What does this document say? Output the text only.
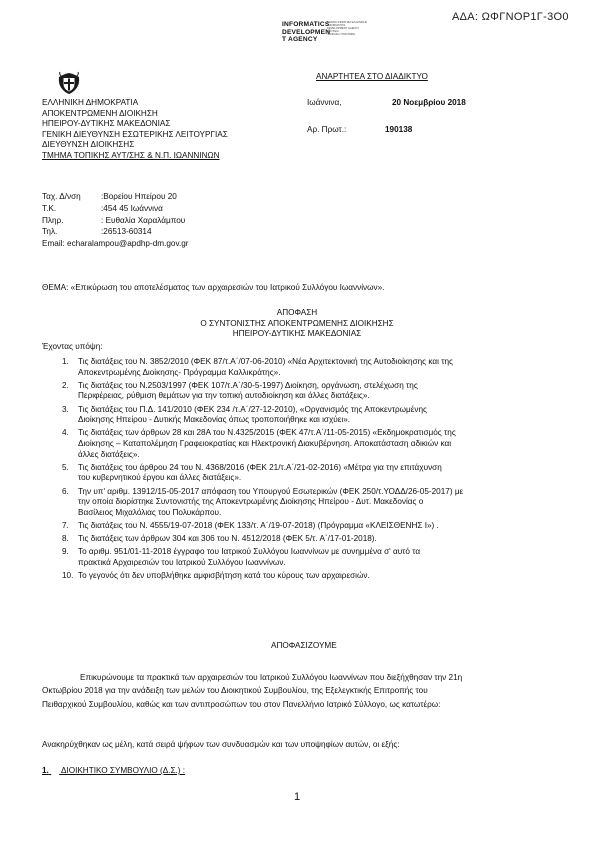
ΑΔΑ: ΩΦΓΝΟΡ1Γ-3Ο0
INFORMATICS
DEVELOPMEN
T AGENCY
ΕΘΝΙΚΗ ΣΦΡΑΓΙΔΑ ΕΛΛΗΝΙΚΗΣ
INFORMATICS
DEVELOPMENT AGENCY
ΔΙΑΥΓΕΙΑ
ΨΗΦΙΑΚΗ ΥΠΟΓΡΑΦΗ
ΑΝΑΡΤΗΤΕΑ ΣΤΟ ΔΙΑΔΙΚΤΥΟ
Ιωάννινα,	20 Νοεμβρίου 2018
Αρ. Πρωτ.:	190138
ΕΛΛΗΝΙΚΗ ΔΗΜΟΚΡΑΤΙΑ
ΑΠΟΚΕΝΤΡΩΜΕΝΗ ΔΙΟΙΚΗΣΗ
ΗΠΕΙΡΟΥ-ΔΥΤΙΚΗΣ ΜΑΚΕΔΟΝΙΑΣ
ΓΕΝΙΚΗ ΔΙΕΥΘΥΝΣΗ ΕΣΩΤΕΡΙΚΗΣ ΛΕΙΤΟΥΡΓΙΑΣ
ΔΙΕΥΘΥΝΣΗ ΔΙΟΙΚΗΣΗΣ
ΤΜΗΜΑ ΤΟΠΙΚΗΣ ΑΥΤ/ΣΗΣ & Ν.Π. ΙΩΑΝΝΙΝΩΝ
Ταχ. Δ/νση :Βορείου Ηπείρου 20
Τ.Κ.	:454 45 Ιωάννινα
Πληρ.	: Ευθαλία Χαραλάμπου
Τηλ.	:26513-60314
Email: echaralampou@apdhp-dm.gov.gr
ΘΕΜΑ: «Επικύρωση του αποτελέσματος των αρχαιρεσιών του Ιατρικού Συλλόγου Ιωαννίνων».
ΑΠΟΦΑΣΗ
Ο ΣΥΝΤΟΝΙΣΤΗΣ ΑΠΟΚΕΝΤΡΩΜΕΝΗΣ ΔΙΟΙΚΗΣΗΣ
ΗΠΕΙΡΟΥ-ΔΥΤΙΚΗΣ ΜΑΚΕΔΟΝΙΑΣ
Έχοντας υπόψη:
1. Τις διατάξεις του Ν. 3852/2010 (ΦΕΚ 87/τ.Α΄/07-06-2010) «Νέα Αρχιτεκτονική της Αυτοδιοίκησης και της
Αποκεντρωμένης Διοίκησης- Πρόγραμμα Καλλικράτης».
2. Τις διατάξεις του Ν.2503/1997 (ΦΕΚ 107/τ.Α΄/30-5-1997) Διοίκηση, οργάνωση, στελέχωση της
Περιφέρειας, ρύθμιση θεμάτων για την τοπική αυτοδιοίκηση και άλλες διατάξεις».
3. Τις διατάξεις του Π.Δ. 141/2010 (ΦΕΚ 234 /τ.Α΄/27-12-2010), «Οργανισμός της Αποκεντρωμένης
Διοίκησης Ηπείρου - Δυτικής Μακεδονίας όπως τροποποιήθηκε και ισχύει».
4. Τις διατάξεις των άρθρων 28 και 28Α του Ν.4325/2015 (ΦΕΚ 47/τ.Α΄/11-05-2015) «Εκδημοκρατισμός της
Διοίκησης – Καταπολέμηση Γραφειοκρατίας και Ηλεκτρονική Διακυβέρνηση. Αποκατάσταση αδικιών και
άλλες διατάξεις».
5. Τις διατάξεις του άρθρου 24 του Ν. 4368/2016 (ΦΕΚ 21/τ.Α΄/21-02-2016) «Μέτρα για την επιτάχυνση
του κυβερνητικού έργου και άλλες διατάξεις».
6. Την υπ' αριθμ. 13912/15-05-2017 απόφαση του Υπουργού Εσωτερικών (ΦΕΚ 250/τ.ΥΟΔΔ/26-05-2017) με
την οποία διορίστηκε Συντονιστής της Αποκεντρωμένης Διοίκησης Ηπείρου - Δυτ. Μακεδονίας ο
Βασίλειος Μιχαλόλιας του Πολυκάρπου.
7. Τις διατάξεις του Ν. 4555/19-07-2018 (ΦΕΚ 133/τ. Α΄/19-07-2018) (Πρόγραμμα «ΚΛΕΙΣΘΕΝΗΣ Ι») .
8. Τις διατάξεις των άρθρων 304 και 306 του Ν. 4512/2018 (ΦΕΚ 5/τ. Α΄/17-01-2018).
9. Το αριθμ. 951/01-11-2018 έγγραφο του Ιατρικού Συλλόγου Ιωαννίνων με συνημμένα σ' αυτό τα
πρακτικά Αρχαιρεσιών του Ιατρικού Συλλόγου Ιωαννίνων.
10. Το γεγονός ότι δεν υποβλήθηκε αμφισβήτηση κατά του κύρους των αρχαιρεσιών.
ΑΠΟΦΑΣΙΖΟΥΜΕ
Επικυρώνουμε τα πρακτικά των αρχαιρεσιών του Ιατρικού Συλλόγου Ιωαννίνων που διεξήχθησαν την 21η
Οκτωβρίου 2018 για την ανάδειξη των μελών του Διοικητικού Συμβουλίου, της Εξελεγκτικής Επιτροπής του
Πειθαρχικού Συμβουλίου, καθώς και των αντιπροσώπων του στον Πανελλήνιο Ιατρικό Σύλλογο, ως κατωτέρω:
Ανακηρύχθηκαν ως μέλη, κατά σειρά ψήφων των συνδυασμών και των υποψηφίων αυτών, οι εξής:
1. ΔΙΟΙΚΗΤΙΚΟ ΣΥΜΒΟΥΛΙΟ (Δ.Σ.) :
1
